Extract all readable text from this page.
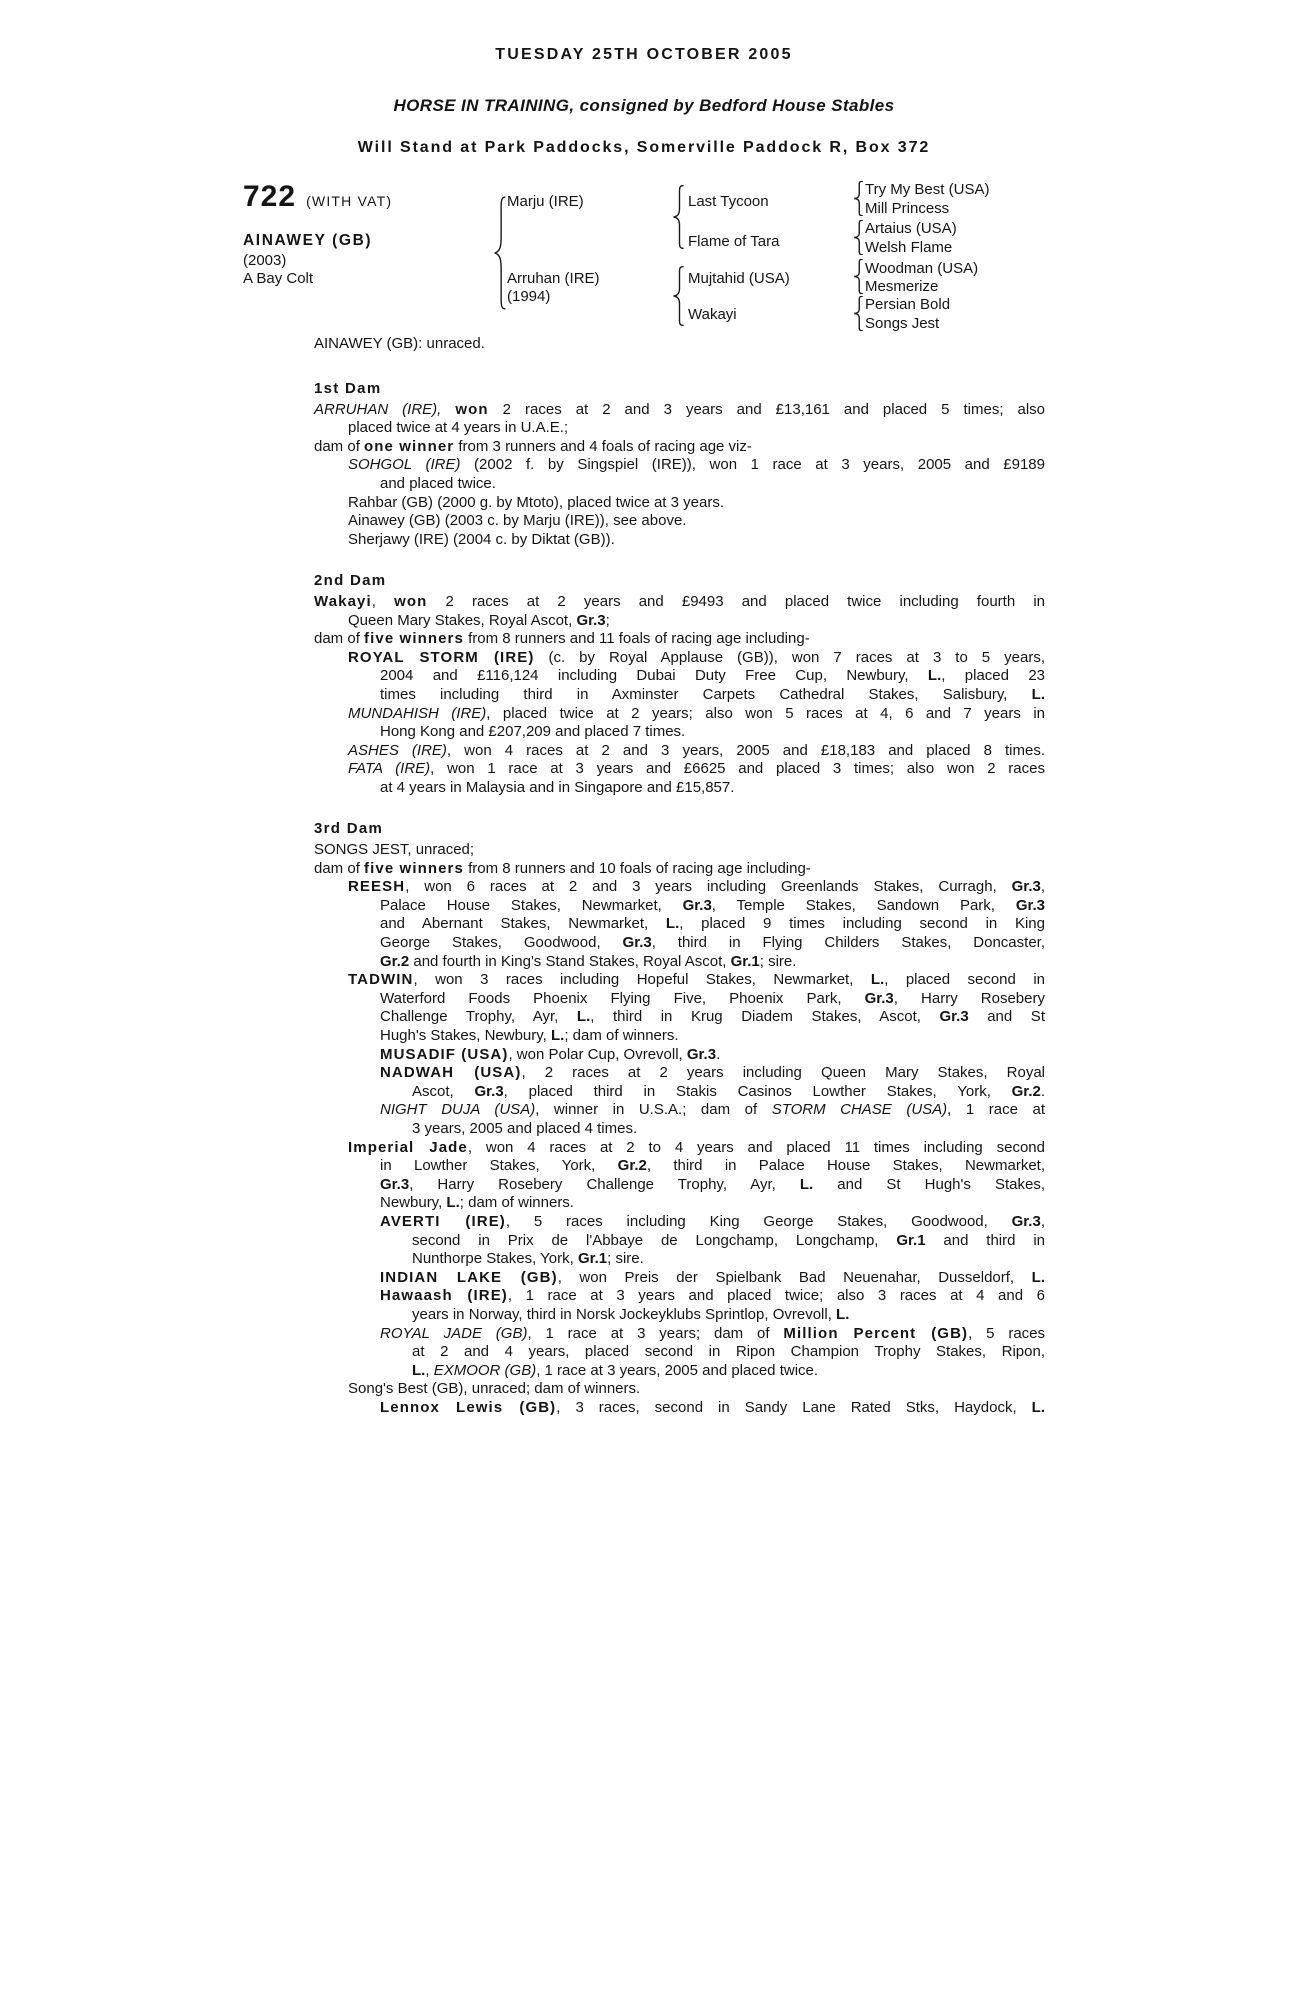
TUESDAY 25TH OCTOBER 2005
HORSE IN TRAINING, consigned by Bedford House Stables
Will Stand at Park Paddocks, Somerville Paddock R, Box 372
722 (WITH VAT)
AINAWEY (GB)
(2003)
A Bay Colt
Marju (IRE)
Arruhan (IRE)
(1994)
Last Tycoon
Flame of Tara
Mujtahid (USA)
Wakayi
Try My Best (USA)
Mill Princess
Artaius (USA)
Welsh Flame
Woodman (USA)
Mesmerize
Persian Bold
Songs Jest
AINAWEY (GB): unraced.
1st Dam
ARRUHAN (IRE), won 2 races at 2 and 3 years and £13,161 and placed 5 times; also
placed twice at 4 years in U.A.E.;
dam of one winner from 3 runners and 4 foals of racing age viz-
SOHGOL (IRE) (2002 f. by Singspiel (IRE)), won 1 race at 3 years, 2005 and £9189
and placed twice.
Rahbar (GB) (2000 g. by Mtoto), placed twice at 3 years.
Ainawey (GB) (2003 c. by Marju (IRE)), see above.
Sherjawy (IRE) (2004 c. by Diktat (GB)).
2nd Dam
Wakayi, won 2 races at 2 years and £9493 and placed twice including fourth in
Queen Mary Stakes, Royal Ascot, Gr.3;
dam of five winners from 8 runners and 11 foals of racing age including-
ROYAL STORM (IRE) (c. by Royal Applause (GB)), won 7 races at 3 to 5 years,
2004 and £116,124 including Dubai Duty Free Cup, Newbury, L., placed 23
times including third in Axminster Carpets Cathedral Stakes, Salisbury, L.
MUNDAHISH (IRE), placed twice at 2 years; also won 5 races at 4, 6 and 7 years in
Hong Kong and £207,209 and placed 7 times.
ASHES (IRE), won 4 races at 2 and 3 years, 2005 and £18,183 and placed 8 times.
FATA (IRE), won 1 race at 3 years and £6625 and placed 3 times; also won 2 races
at 4 years in Malaysia and in Singapore and £15,857.
3rd Dam
SONGS JEST, unraced;
dam of five winners from 8 runners and 10 foals of racing age including-
REESH, won 6 races at 2 and 3 years including Greenlands Stakes, Curragh, Gr.3,
Palace House Stakes, Newmarket, Gr.3, Temple Stakes, Sandown Park, Gr.3
and Abernant Stakes, Newmarket, L., placed 9 times including second in King
George Stakes, Goodwood, Gr.3, third in Flying Childers Stakes, Doncaster,
Gr.2 and fourth in King's Stand Stakes, Royal Ascot, Gr.1; sire.
TADWIN, won 3 races including Hopeful Stakes, Newmarket, L., placed second in
Waterford Foods Phoenix Flying Five, Phoenix Park, Gr.3, Harry Rosebery
Challenge Trophy, Ayr, L., third in Krug Diadem Stakes, Ascot, Gr.3 and St
Hugh's Stakes, Newbury, L.; dam of winners.
MUSADIF (USA), won Polar Cup, Ovrevoll, Gr.3.
NADWAH (USA), 2 races at 2 years including Queen Mary Stakes, Royal
Ascot, Gr.3, placed third in Stakis Casinos Lowther Stakes, York, Gr.2.
NIGHT DUJA (USA), winner in U.S.A.; dam of STORM CHASE (USA), 1 race at
3 years, 2005 and placed 4 times.
Imperial Jade, won 4 races at 2 to 4 years and placed 11 times including second
in Lowther Stakes, York, Gr.2, third in Palace House Stakes, Newmarket,
Gr.3, Harry Rosebery Challenge Trophy, Ayr, L. and St Hugh's Stakes,
Newbury, L.; dam of winners.
AVERTI (IRE), 5 races including King George Stakes, Goodwood, Gr.3,
second in Prix de l'Abbaye de Longchamp, Longchamp, Gr.1 and third in
Nunthorpe Stakes, York, Gr.1; sire.
INDIAN LAKE (GB), won Preis der Spielbank Bad Neuenahar, Dusseldorf, L.
Hawaash (IRE), 1 race at 3 years and placed twice; also 3 races at 4 and 6
years in Norway, third in Norsk Jockeyklubs Sprintlop, Ovrevoll, L.
ROYAL JADE (GB), 1 race at 3 years; dam of Million Percent (GB), 5 races
at 2 and 4 years, placed second in Ripon Champion Trophy Stakes, Ripon,
L., EXMOOR (GB), 1 race at 3 years, 2005 and placed twice.
Song's Best (GB), unraced; dam of winners.
Lennox Lewis (GB), 3 races, second in Sandy Lane Rated Stks, Haydock, L.
